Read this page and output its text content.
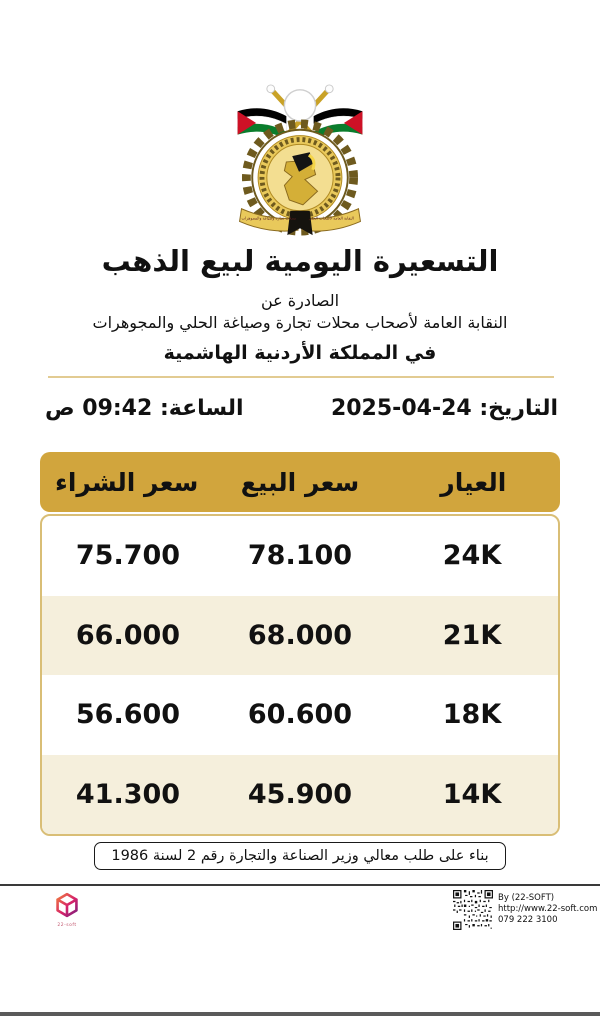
النقابة العامة لأصحاب الحلي
محلات تجارة وصياغة والمجوهرات
التسعيرة اليومية لبيع الذهب
الصادرة عن
النقابة العامة لأصحاب محلات تجارة وصياغة الحلي والمجوهرات
في المملكة الأردنية الهاشمية
التاريخ: 24-04-2025
الساعة: 09:42 ص
العيار
سعر البيع
سعر الشراء
24K
78.100
75.700
21K
68.000
66.000
18K
60.600
56.600
14K
45.900
41.300
بناء على طلب معالي وزير الصناعة والتجارة رقم 2 لسنة 1986
22-soft
By (22-SOFT)
http://www.22-soft.com
079 222 3100
